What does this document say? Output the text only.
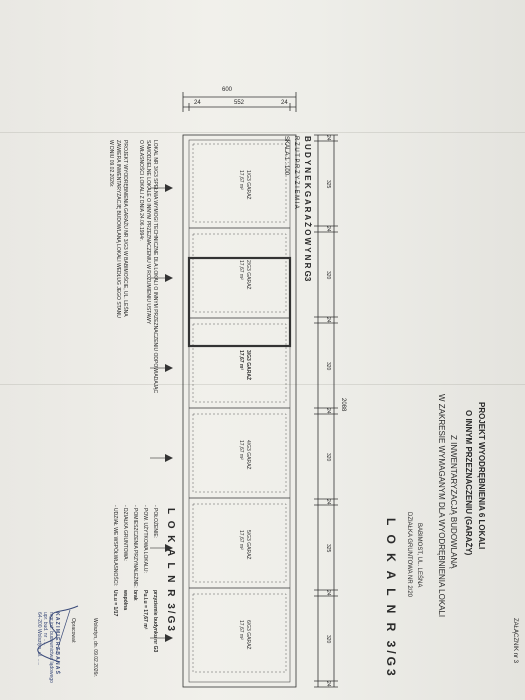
1/G3 GARAŻ
17,67 m²
2/G3 GARAŻ
17,67 m²
3/G3 GARAŻ
17,67 m²
4/G3 GARAŻ
17,67 m²
5/G3 GARAŻ
17,67 m²
6/G3 GARAŻ
17,67 m²
600
24	552	24
24
325
24
320
24
320
24
320
24
325
24
320
24
2088
ZAŁĄCZNIK nr 3
PROJEKT WYODRĘBNIENIA 6 LOKALI
O INNYM PRZEZNACZENIU (GARAŻY)
Z INWENTARYZACJĄ BUDOWLANĄ
W ZAKRESIE WYMAGANYM DLA WYODRĘBNIENIA LOKALI
BABIMOST, UL. LEŚNA
DZIAŁKA GRUNTOWA NR 2/20
L O K A L N R 3/G3
B U D Y N E K G A R A Ż O W Y N R G3
R Z U T P R Z Y Z I E M I A
SKALA 1 : 100
LOKAL NR 3/G3 SPEŁNIA WYMOGI TECHNICZNE DLA LOKALI O INNYM PRZEZNACZENIU ODPOWIADAJĄC
SAMODZIELNE LOKALE O INNYM PRZEZNACZENIU W ROZUMIENIU USTAWY
O WŁASNOŚCI LOKALI Z DNIA 24.06.1994r.
PROJEKT WYODRĘBNIENIA GARAŻU NR 3/G3 W BABIMOŚCIE, UL. LEŚNA
ZAWIERA INWENTARYZACJĘ BUDOWLANĄ LOKALI WEDŁUG JEGO STANU
W DNIU 09.02.2026r.
L O K A L N R 3/G3
- POŁOŻENIE:
przyziemie budynku nr G3
- POW. UŻYTKOWA LOKALU:
Pu.l.u = 17,67 m²
- POMIESZCZENIA PRZYNALEŻNE:
brak
- DZIAŁKA GRUNTOWA:
wspólna
- UDZIAŁ WE WSPÓŁWŁASNOŚCI:
Ux.u = 1/17
Wolsztyn, dn. 09.02.2026r.
Opracował:
K A Z I M I E R Z B A N A Ś
mgr inż. budownictwa lądowego
upr. bud. nr .....
64-200 Wolsztyn, ul. .....
